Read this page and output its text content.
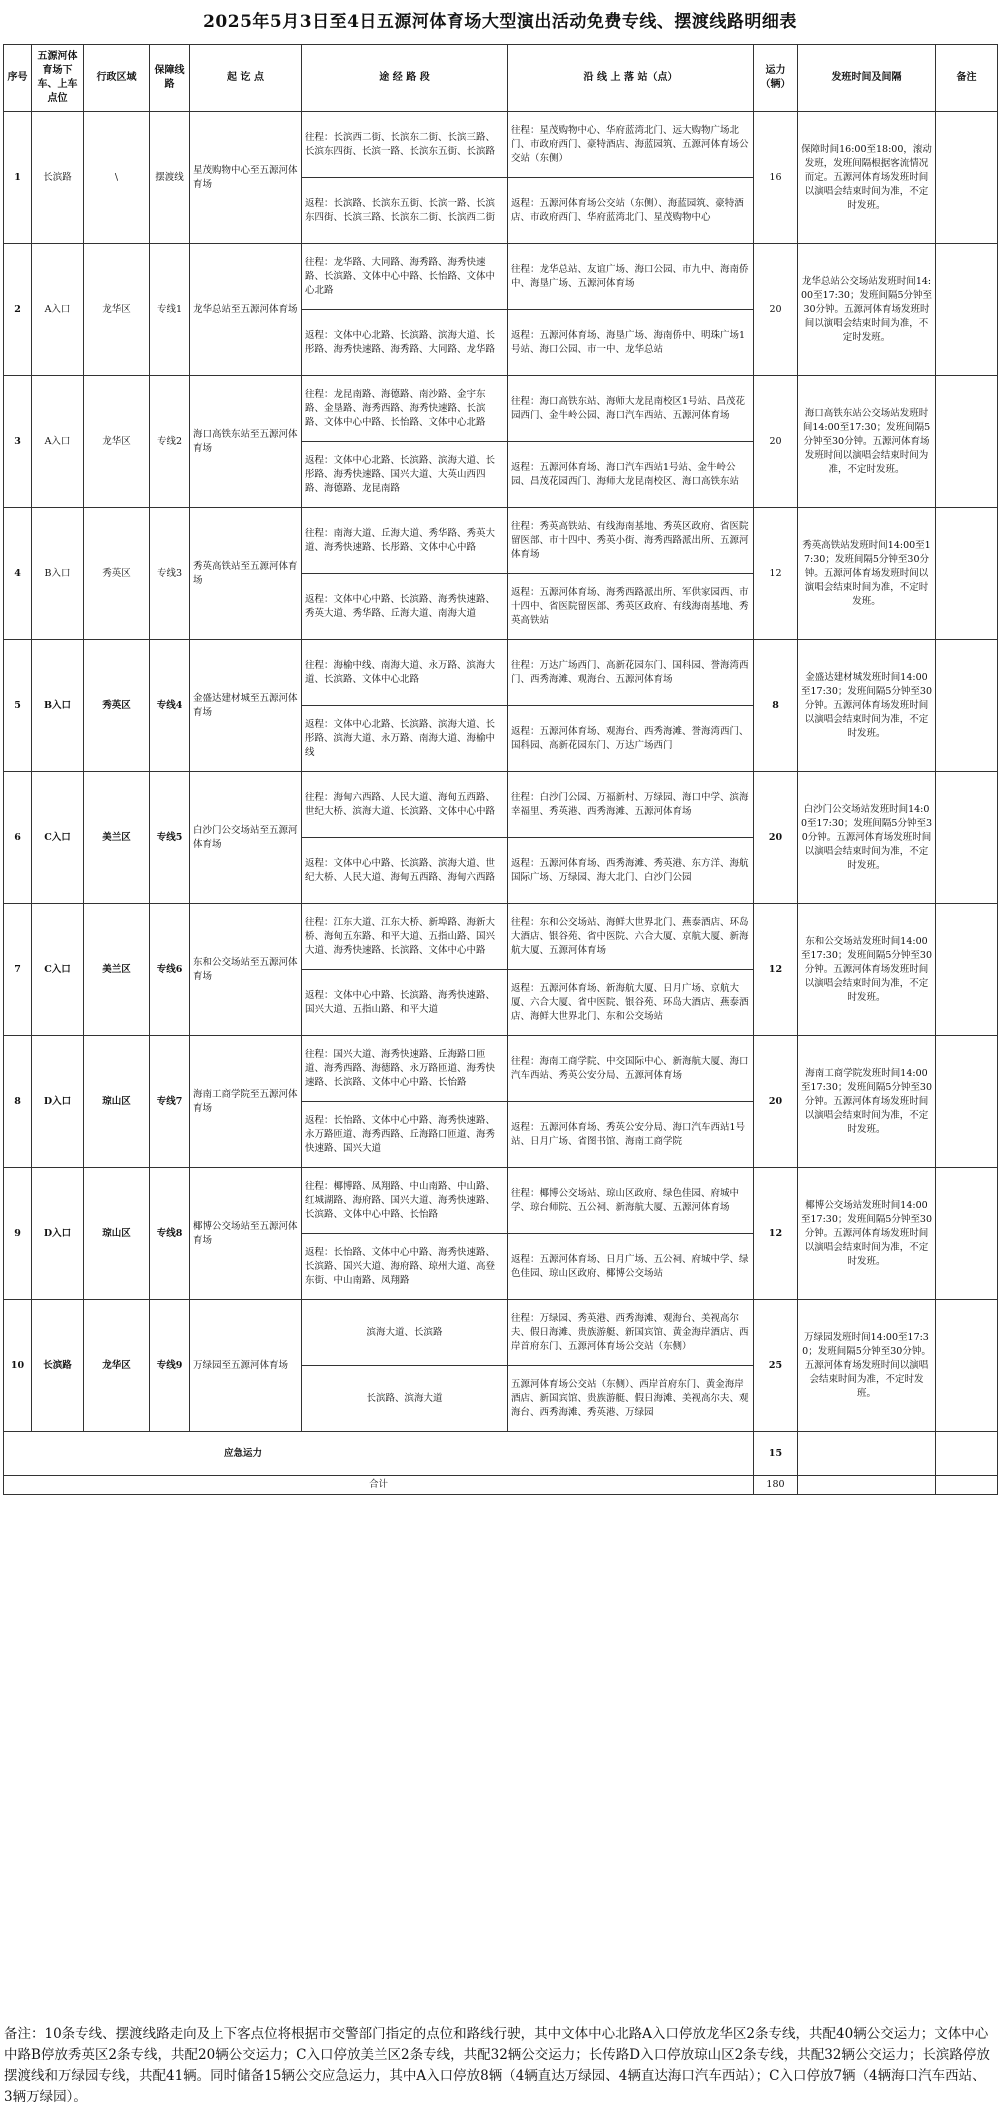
2025年5月3日至4日五源河体育场大型演出活动免费专线、摆渡线路明细表
序号	五源河体育场下车、上车点位	行政区域	保障线路	起 讫 点	途 经 路 段	沿 线 上 落 站（点）	运力（辆）	发班时间及间隔	备注
1	长滨路	\	摆渡线	星茂购物中心至五源河体育场	往程：长滨西二街、长滨东二街、长滨三路、长滨东四街、长滨一路、长滨东五街、长滨路	往程：星茂购物中心、华府蓝湾北门、远大购物广场北门、市政府西门、豪特酒店、海蓝园筑、五源河体育场公交站（东侧）	16	保障时间16:00至18:00，滚动发班，发班间隔根据客流情况而定。五源河体育场发班时间以演唱会结束时间为准，不定时发班。	
					返程：长滨路、长滨东五街、长滨一路、长滨东四街、长滨三路、长滨东二街、长滨西二街	返程：五源河体育场公交站（东侧）、海蓝园筑、豪特酒店、市政府西门、华府蓝湾北门、星茂购物中心			
2	A入口	龙华区	专线1	龙华总站至五源河体育场	往程：龙华路、大同路、海秀路、海秀快速路、长滨路、文体中心中路、长怡路、文体中心北路	往程：龙华总站、友谊广场、海口公园、市九中、海南侨中、海垦广场、五源河体育场	20	龙华总站公交场站发班时间14:00至17:30；发班间隔5分钟至30分钟。五源河体育场发班时间以演唱会结束时间为准，不定时发班。	
					返程：文体中心北路、长滨路、滨海大道、长彤路、海秀快速路、海秀路、大同路、龙华路	返程：五源河体育场、海垦广场、海南侨中、明珠广场1号站、海口公园、市一中、龙华总站			
3	A入口	龙华区	专线2	海口高铁东站至五源河体育场	往程：龙昆南路、海德路、南沙路、金宇东路、金垦路、海秀西路、海秀快速路、长滨路、文体中心中路、长怡路、文体中心北路	往程：海口高铁东站、海师大龙昆南校区1号站、昌茂花园西门、金牛岭公园、海口汽车西站、五源河体育场	20	海口高铁东站公交场站发班时间14:00至17:30；发班间隔5分钟至30分钟。五源河体育场发班时间以演唱会结束时间为准，不定时发班。	
					返程：文体中心北路、长滨路、滨海大道、长彤路、海秀快速路、国兴大道、大英山西四路、海德路、龙昆南路	返程：五源河体育场、海口汽车西站1号站、金牛岭公园、昌茂花园西门、海师大龙昆南校区、海口高铁东站			
4	B入口	秀英区	专线3	秀英高铁站至五源河体育场	往程：南海大道、丘海大道、秀华路、秀英大道、海秀快速路、长彤路、文体中心中路	往程：秀英高铁站、有线海南基地、秀英区政府、省医院留医部、市十四中、秀英小街、海秀西路派出所、五源河体育场	12	秀英高铁站发班时间14:00至17:30；发班间隔5分钟至30分钟。五源河体育场发班时间以演唱会结束时间为准，不定时发班。	
					返程：文体中心中路、长滨路、海秀快速路、秀英大道、秀华路、丘海大道、南海大道	返程：五源河体育场、海秀西路派出所、军供家园西、市十四中、省医院留医部、秀英区政府、有线海南基地、秀英高铁站			
5	B入口	秀英区	专线4	金盛达建材城至五源河体育场	往程：海榆中线、南海大道、永万路、滨海大道、长滨路、文体中心北路	往程：万达广场西门、高新花园东门、国科园、誉海湾西门、西秀海滩、观海台、五源河体育场	8	金盛达建材城发班时间14:00至17:30；发班间隔5分钟至30分钟。五源河体育场发班时间以演唱会结束时间为准，不定时发班。	
					返程：文体中心北路、长滨路、滨海大道、长彤路、滨海大道、永万路、南海大道、海榆中线	返程：五源河体育场、观海台、西秀海滩、誉海湾西门、国科园、高新花园东门、万达广场西门			
6	C入口	美兰区	专线5	白沙门公交场站至五源河体育场	往程：海甸六西路、人民大道、海甸五西路、世纪大桥、滨海大道、长滨路、文体中心中路	往程：白沙门公园、万福新村、万绿园、海口中学、滨海幸福里、秀英港、西秀海滩、五源河体育场	20	白沙门公交场站发班时间14:00至17:30；发班间隔5分钟至30分钟。五源河体育场发班时间以演唱会结束时间为准，不定时发班。	
					返程：文体中心中路、长滨路、滨海大道、世纪大桥、人民大道、海甸五西路、海甸六西路	返程：五源河体育场、西秀海滩、秀英港、东方洋、海航国际广场、万绿园、海大北门、白沙门公园			
7	C入口	美兰区	专线6	东和公交场站至五源河体育场	往程：江东大道、江东大桥、新埠路、海新大桥、海甸五东路、和平大道、五指山路、国兴大道、海秀快速路、长滨路、文体中心中路	往程：东和公交场站、海鲜大世界北门、燕泰酒店、环岛大酒店、银谷苑、省中医院、六合大厦、京航大厦、新海航大厦、五源河体育场	12	东和公交场站发班时间14:00至17:30；发班间隔5分钟至30分钟。五源河体育场发班时间以演唱会结束时间为准，不定时发班。	
					返程：文体中心中路、长滨路、海秀快速路、国兴大道、五指山路、和平大道	返程：五源河体育场、新海航大厦、日月广场、京航大厦、六合大厦、省中医院、银谷苑、环岛大酒店、燕泰酒店、海鲜大世界北门、东和公交场站			
8	D入口	琼山区	专线7	海南工商学院至五源河体育场	往程：国兴大道、海秀快速路、丘海路口匝道、海秀西路、海德路、永万路匝道、海秀快速路、长滨路、文体中心中路、长怡路	往程：海南工商学院、中交国际中心、新海航大厦、海口汽车西站、秀英公安分局、五源河体育场	20	海南工商学院发班时间14:00至17:30；发班间隔5分钟至30分钟。五源河体育场发班时间以演唱会结束时间为准，不定时发班。	
					返程：长怡路、文体中心中路、海秀快速路、永万路匝道、海秀西路、丘海路口匝道、海秀快速路、国兴大道	返程：五源河体育场、秀英公安分局、海口汽车西站1号站、日月广场、省图书馆、海南工商学院			
9	D入口	琼山区	专线8	椰博公交场站至五源河体育场	往程：椰博路、凤翔路、中山南路、中山路、红城湖路、海府路、国兴大道、海秀快速路、长滨路、文体中心中路、长怡路	往程：椰博公交场站、琼山区政府、绿色佳园、府城中学、琼台师院、五公祠、新海航大厦、五源河体育场	12	椰博公交场站发班时间14:00至17:30；发班间隔5分钟至30分钟。五源河体育场发班时间以演唱会结束时间为准，不定时发班。	
					返程：长怡路、文体中心中路、海秀快速路、长滨路、国兴大道、海府路、琼州大道、高登东街、中山南路、凤翔路	返程：五源河体育场、日月广场、五公祠、府城中学、绿色佳园、琼山区政府、椰博公交场站			
10	长滨路	龙华区	专线9	万绿园至五源河体育场	滨海大道、长滨路	往程：万绿园、秀英港、西秀海滩、观海台、美视高尔夫、假日海滩、贵族游艇、新国宾馆、黄金海岸酒店、西岸首府东门、五源河体育场公交站（东侧）	25	万绿园发班时间14:00至17:30；发班间隔5分钟至30分钟。五源河体育场发班时间以演唱会结束时间为准，不定时发班。	
					长滨路、滨海大道	五源河体育场公交站（东侧）、西岸首府东门、黄金海岸酒店、新国宾馆、贵族游艇、假日海滩、美视高尔夫、观海台、西秀海滩、秀英港、万绿园			
应急运力							15		
合计							180		
备注：10条专线、摆渡线路走向及上下客点位将根据市交警部门指定的点位和路线行驶，其中文体中心北路A入口停放龙华区2条专线，共配40辆公交运力；文体中心中路B停放秀英区2条专线，共配20辆公交运力；C入口停放美兰区2条专线，共配32辆公交运力；长传路D入口停放琼山区2条专线，共配32辆公交运力；长滨路停放摆渡线和万绿园专线，共配41辆。同时储备15辆公交应急运力，其中A入口停放8辆（4辆直达万绿园、4辆直达海口汽车西站）；C入口停放7辆（4辆海口汽车西站、3辆万绿园）。
